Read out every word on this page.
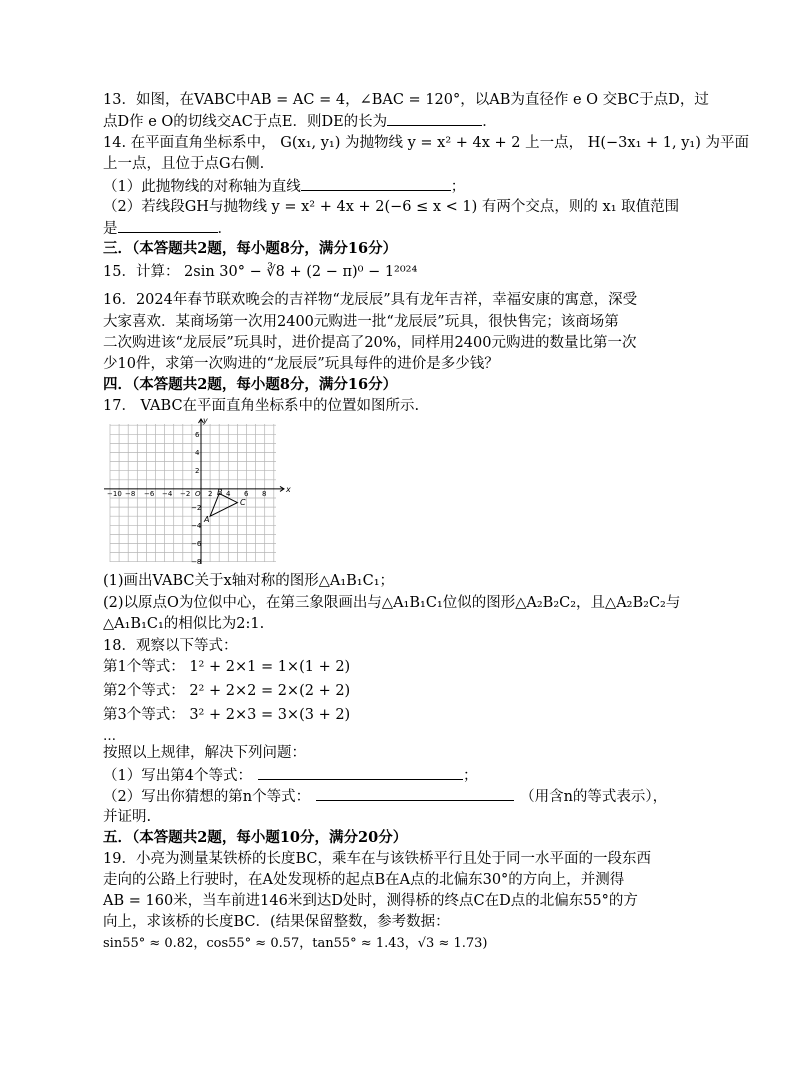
13．如图，在VABC中AB = AC = 4，∠BAC = 120°，以AB为直径作 e O 交BC于点D，过
点D作 e O的切线交AC于点E．则DE的长为	．
14. 在平面直角坐标系中， G(x₁, y₁) 为抛物线 y = x² + 4x + 2 上一点， H(−3x₁ + 1, y₁) 为平面
上一点，且位于点G右侧.
（1）此抛物线的对称轴为直线	；
（2）若线段GH与抛物线 y = x² + 4x + 2(−6 ≤ x < 1) 有两个交点，则的 x₁ 取值范围
是	．
三．（本答题共2题，每小题8分，满分16分）
15．计算： 2sin 30° − ∛8 + (2 − π)⁰ − 1²⁰²⁴
16．2024年春节联欢晚会的吉祥物“龙辰辰”具有龙年吉祥，幸福安康的寓意，深受
大家喜欢．某商场第一次用2400元购进一批“龙辰辰”玩具，很快售完；该商场第
二次购进该“龙辰辰”玩具时，进价提高了20%，同样用2400元购进的数量比第一次
少10件，求第一次购进的“龙辰辰”玩具每件的进价是多少钱？
四．（本答题共2题，每小题8分，满分16分）
17． VABC在平面直角坐标系中的位置如图所示.
x
y
−10 −8 −6 −4 −2 O 2 4 6 8
6
4
2
−2
−4
−6
−8
A
B
C
(1)画出VABC关于x轴对称的图形△A₁B₁C₁；
(2)以原点O为位似中心，在第三象限画出与△A₁B₁C₁位似的图形△A₂B₂C₂，且△A₂B₂C₂与
△A₁B₁C₁的相似比为2:1.
18．观察以下等式：
第1个等式： 1² + 2×1 = 1×(1 + 2)
第2个等式： 2² + 2×2 = 2×(2 + 2)
第3个等式： 3² + 2×3 = 3×(3 + 2)
…
按照以上规律，解决下列问题：
（1）写出第4个等式：	；
（2）写出你猜想的第n个等式：	（用含n的等式表示），
并证明.
五．（本答题共2题，每小题10分，满分20分）
19．小亮为测量某铁桥的长度BC，乘车在与该铁桥平行且处于同一水平面的一段东西
走向的公路上行驶时，在A处发现桥的起点B在A点的北偏东30°的方向上，并测得
AB = 160米，当车前进146米到达D处时，测得桥的终点C在D点的北偏东55°的方
向上，求该桥的长度BC．(结果保留整数，参考数据：
sin55° ≈ 0.82，cos55° ≈ 0.57，tan55° ≈ 1.43，√3 ≈ 1.73)
